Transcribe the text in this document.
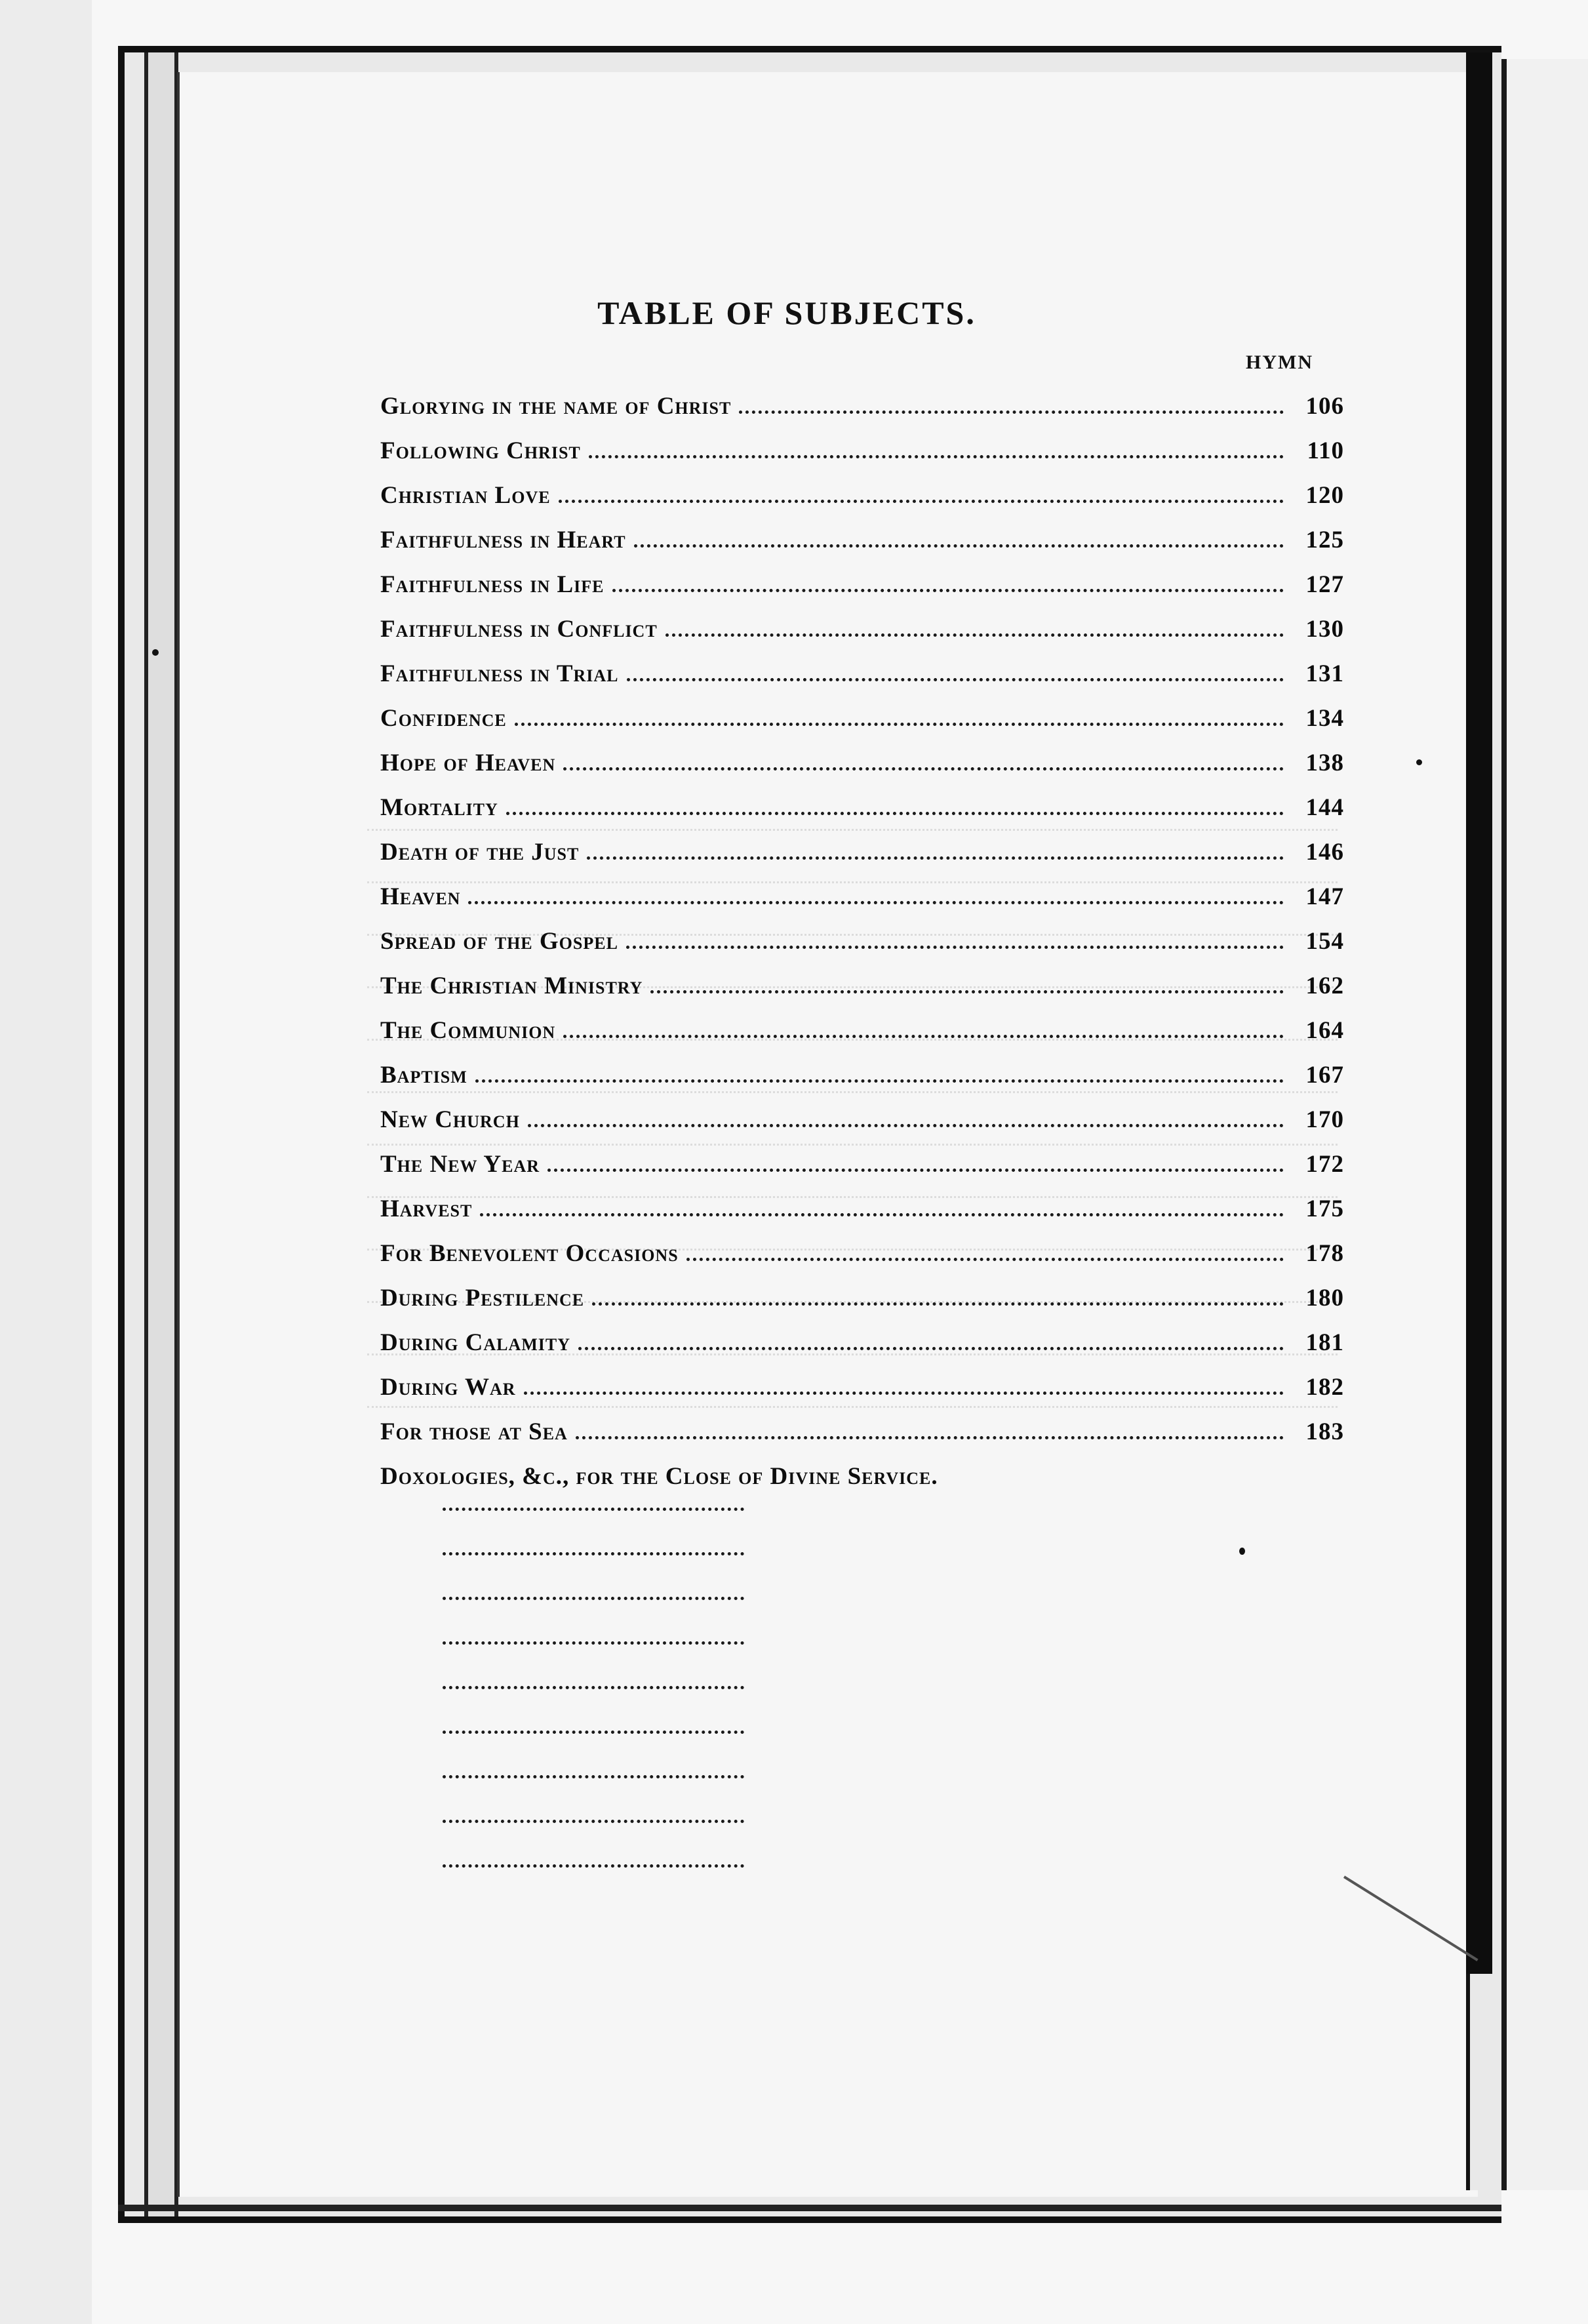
TABLE OF SUBJECTS.
HYMN
Glorying in the name of Christ	106
Following Christ	110
Christian Love	120
Faithfulness in Heart	125
Faithfulness in Life	127
Faithfulness in Conflict	130
Faithfulness in Trial	131
Confidence	134
Hope of Heaven	138
Mortality	144
Death of the Just	146
Heaven	147
Spread of the Gospel	154
The Christian Ministry	162
The Communion	164
Baptism	167
New Church	170
The New Year	172
Harvest	175
For Benevolent Occasions	178
During Pestilence	180
During Calamity	181
During War	182
For those at Sea	183
Doxologies, &c., for the Close of Divine Service.
